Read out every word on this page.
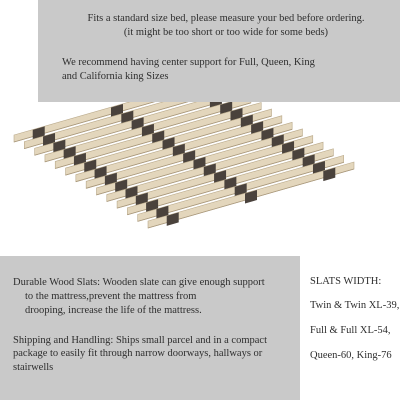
Fits a standard size bed, please measure your bed before ordering.
(it might be too short or too wide for some beds)
We recommend having center support for Full, Queen, King
and California king Sizes

Durable Wood Slats: Wooden slate can give enough support

to the mattress,prevent the mattress from

drooping, increase the life of the mattress.

Shipping and Handling: Ships small parcel and in a compact

package to easily fit through narrow doorways, hallways or

stairwells

SLATS WIDTH:
Twin & Twin XL-39,
Full & Full XL-54,
Queen-60, King-76
